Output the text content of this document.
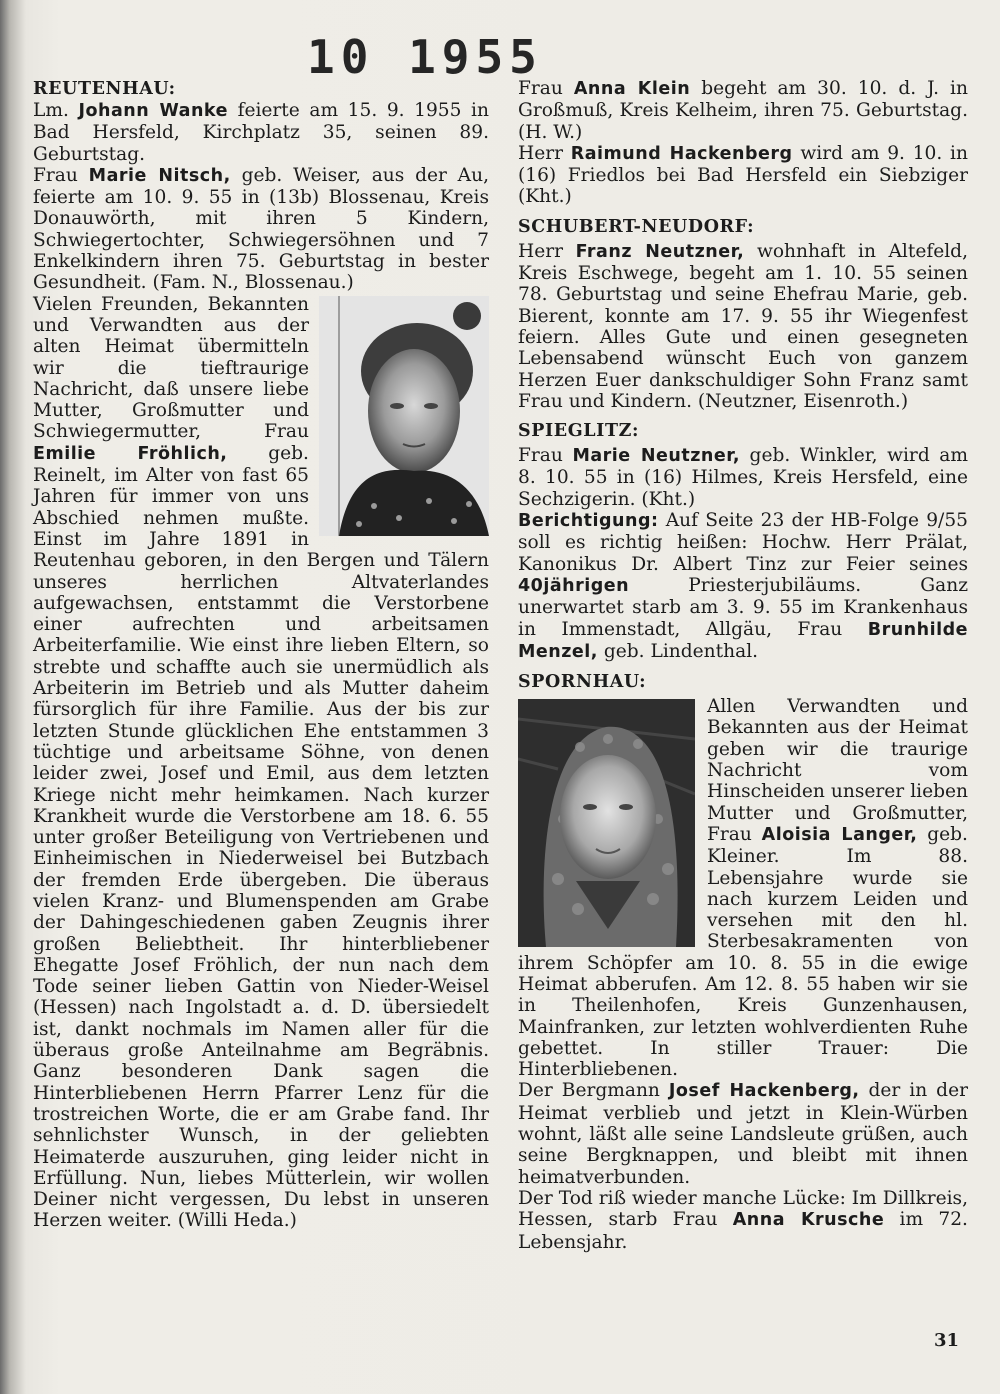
10 1955
REUTENHAU:

Lm. Johann Wanke feierte am 15. 9. 1955 in Bad Hersfeld, Kirchplatz 35, seinen 89. Geburtstag.

Frau Marie Nitsch, geb. Weiser, aus der Au, feierte am 10. 9. 55 in (13b) Blossenau, Kreis Donauwörth, mit ihren 5 Kindern, Schwiegertochter, Schwiegersöhnen und 7 Enkelkindern ihren 75. Geburtstag in bester Gesundheit. (Fam. N., Blossenau.)

Vielen Freunden, Bekannten und Verwandten aus der alten Heimat übermitteln wir die tieftraurige Nachricht, daß unsere liebe Mutter, Großmutter und Schwiegermutter, Frau Emilie Fröhlich, geb. Reinelt, im Alter von fast 65 Jahren für immer von uns Abschied nehmen mußte. Einst im Jahre 1891 in Reutenhau geboren, in den Bergen und Tälern unseres herrlichen Altvaterlandes aufgewachsen, entstammt die Verstorbene einer aufrechten und arbeitsamen Arbeiterfamilie. Wie einst ihre lieben Eltern, so strebte und schaffte auch sie unermüdlich als Arbeiterin im Betrieb und als Mutter daheim fürsorglich für ihre Familie. Aus der bis zur letzten Stunde glücklichen Ehe entstammen 3 tüchtige und arbeitsame Söhne, von denen leider zwei, Josef und Emil, aus dem letzten Kriege nicht mehr heimkamen. Nach kurzer Krankheit wurde die Verstorbene am 18. 6. 55 unter großer Beteiligung von Vertriebenen und Einheimischen in Niederweisel bei Butzbach der fremden Erde übergeben. Die überaus vielen Kranz- und Blumenspenden am Grabe der Dahingeschiedenen gaben Zeugnis ihrer großen Beliebtheit. Ihr hinterbliebener Ehegatte Josef Fröhlich, der nun nach dem Tode seiner lieben Gattin von Nieder-Weisel (Hessen) nach Ingolstadt a. d. D. übersiedelt ist, dankt nochmals im Namen aller für die überaus große Anteilnahme am Begräbnis. Ganz besonderen Dank sagen die Hinterbliebenen Herrn Pfarrer Lenz für die trostreichen Worte, die er am Grabe fand. Ihr sehnlichster Wunsch, in der geliebten Heimaterde auszuruhen, ging leider nicht in Erfüllung. Nun, liebes Mütterlein, wir wollen Deiner nicht vergessen, Du lebst in unseren Herzen weiter. (Willi Heda.)

Frau Anna Klein begeht am 30. 10. d. J. in Großmuß, Kreis Kelheim, ihren 75. Geburtstag. (H. W.)

Herr Raimund Hackenberg wird am 9. 10. in (16) Friedlos bei Bad Hersfeld ein Siebziger (Kht.)

SCHUBERT-NEUDORF:

Herr Franz Neutzner, wohnhaft in Altefeld, Kreis Eschwege, begeht am 1. 10. 55 seinen 78. Geburtstag und seine Ehefrau Marie, geb. Bierent, konnte am 17. 9. 55 ihr Wiegenfest feiern. Alles Gute und einen gesegneten Lebensabend wünscht Euch von ganzem Herzen Euer dankschuldiger Sohn Franz samt Frau und Kindern. (Neutzner, Eisenroth.)

SPIEGLITZ:

Frau Marie Neutzner, geb. Winkler, wird am 8. 10. 55 in (16) Hilmes, Kreis Hersfeld, eine Sechzigerin. (Kht.)

Berichtigung: Auf Seite 23 der HB-Folge 9/55 soll es richtig heißen: Hochw. Herr Prälat, Kanonikus Dr. Albert Tinz zur Feier seines 40jährigen	Priesterjubiläums. Ganz unerwartet starb am 3. 9. 55 im Krankenhaus in Immenstadt, Allgäu, Frau Brunhilde Menzel, geb. Lindenthal.

SPORNHAU:

Allen Verwandten und Bekannten aus der Heimat geben wir die traurige Nachricht vom Hinscheiden unserer lieben Mutter und Großmutter, Frau Aloisia Langer, geb. Kleiner. Im 88. Lebensjahre wurde sie nach kurzem Leiden und versehen mit den hl. Sterbesakramenten von ihrem Schöpfer am 10. 8. 55 in die ewige Heimat abberufen. Am 12. 8. 55 haben wir sie in Theilenhofen, Kreis Gunzenhausen, Mainfranken, zur letzten wohlverdienten Ruhe gebettet. In stiller Trauer: Die Hinterbliebenen.

Der Bergmann Josef Hackenberg, der in der Heimat verblieb und jetzt in Klein-Würben wohnt, läßt alle seine Landsleute grüßen, auch seine Bergknappen, und bleibt mit ihnen heimatverbunden.

Der Tod riß wieder manche Lücke: Im Dillkreis, Hessen, starb Frau Anna Krusche im 72. Lebensjahr.

31
